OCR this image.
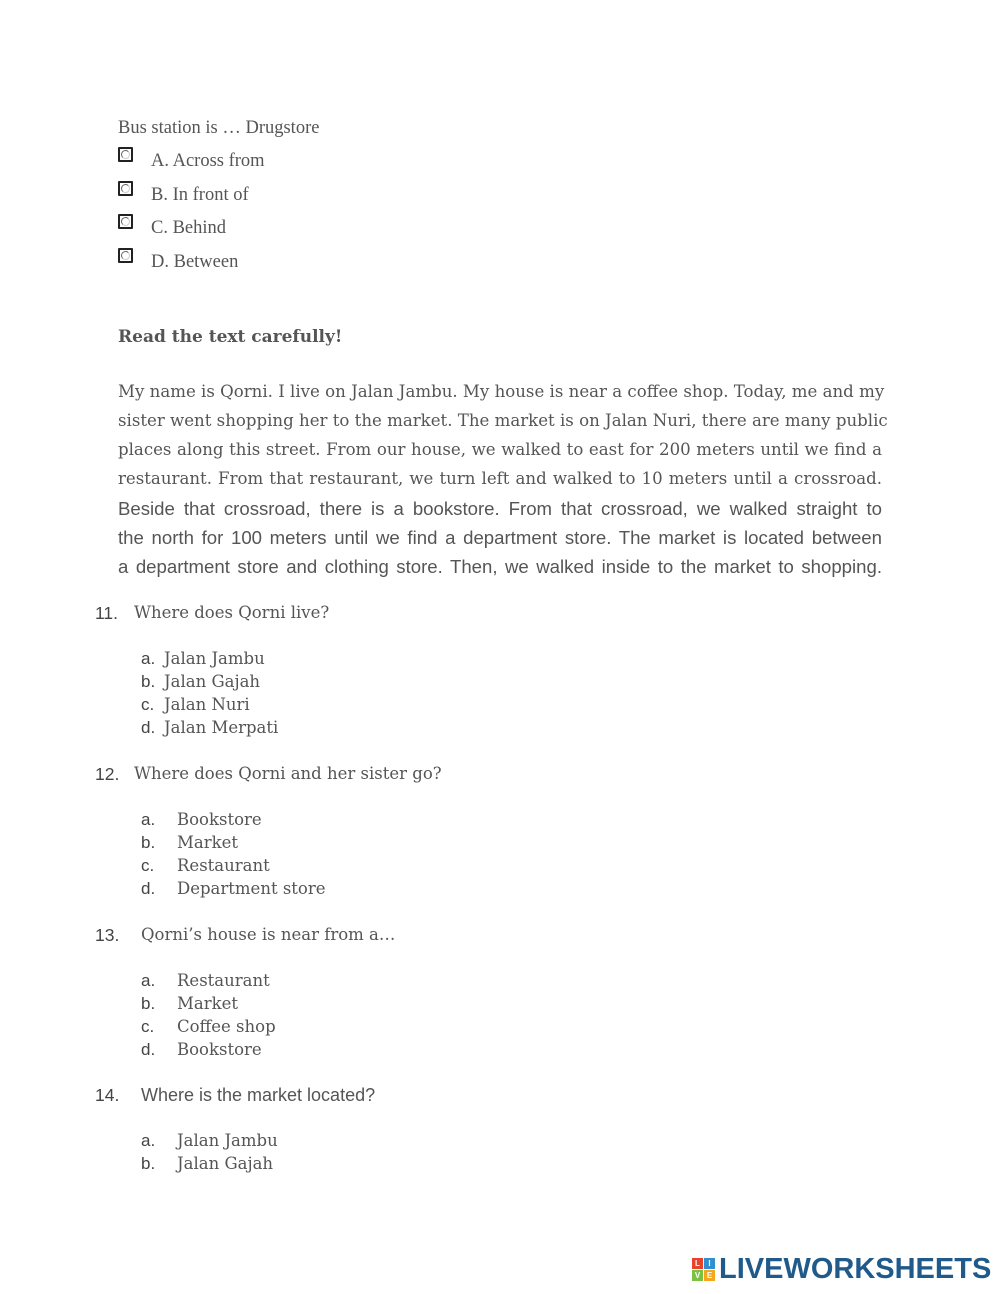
Bus station is … Drugstore
A. Across from
B. In front of
C. Behind
D. Between
Read the text carefully!
My name is Qorni. I live on Jalan Jambu. My house is near a coffee shop. Today, me and my
sister went shopping her to the market. The market is on Jalan Nuri, there are many public
places along this street. From our house, we walked to east for 200 meters until we find a
restaurant. From that restaurant, we turn left and walked to 10 meters until a crossroad.
Beside that crossroad, there is a bookstore. From that crossroad, we walked straight to
the north for 100 meters until we find a department store. The market is located between
a department store and clothing store. Then, we walked inside to the market to shopping.
11. Where does Qorni live?
a. Jalan Jambu
b. Jalan Gajah
c. Jalan Nuri
d. Jalan Merpati
12. Where does Qorni and her sister go?
a. Bookstore
b. Market
c. Restaurant
d. Department store
13. Qorni’s house is near from a…
a. Restaurant
b. Market
c. Coffee shop
d. Bookstore
14. Where is the market located?
a. Jalan Jambu
b. Jalan Gajah
L	I
V E LIVEWORKSHEETS
